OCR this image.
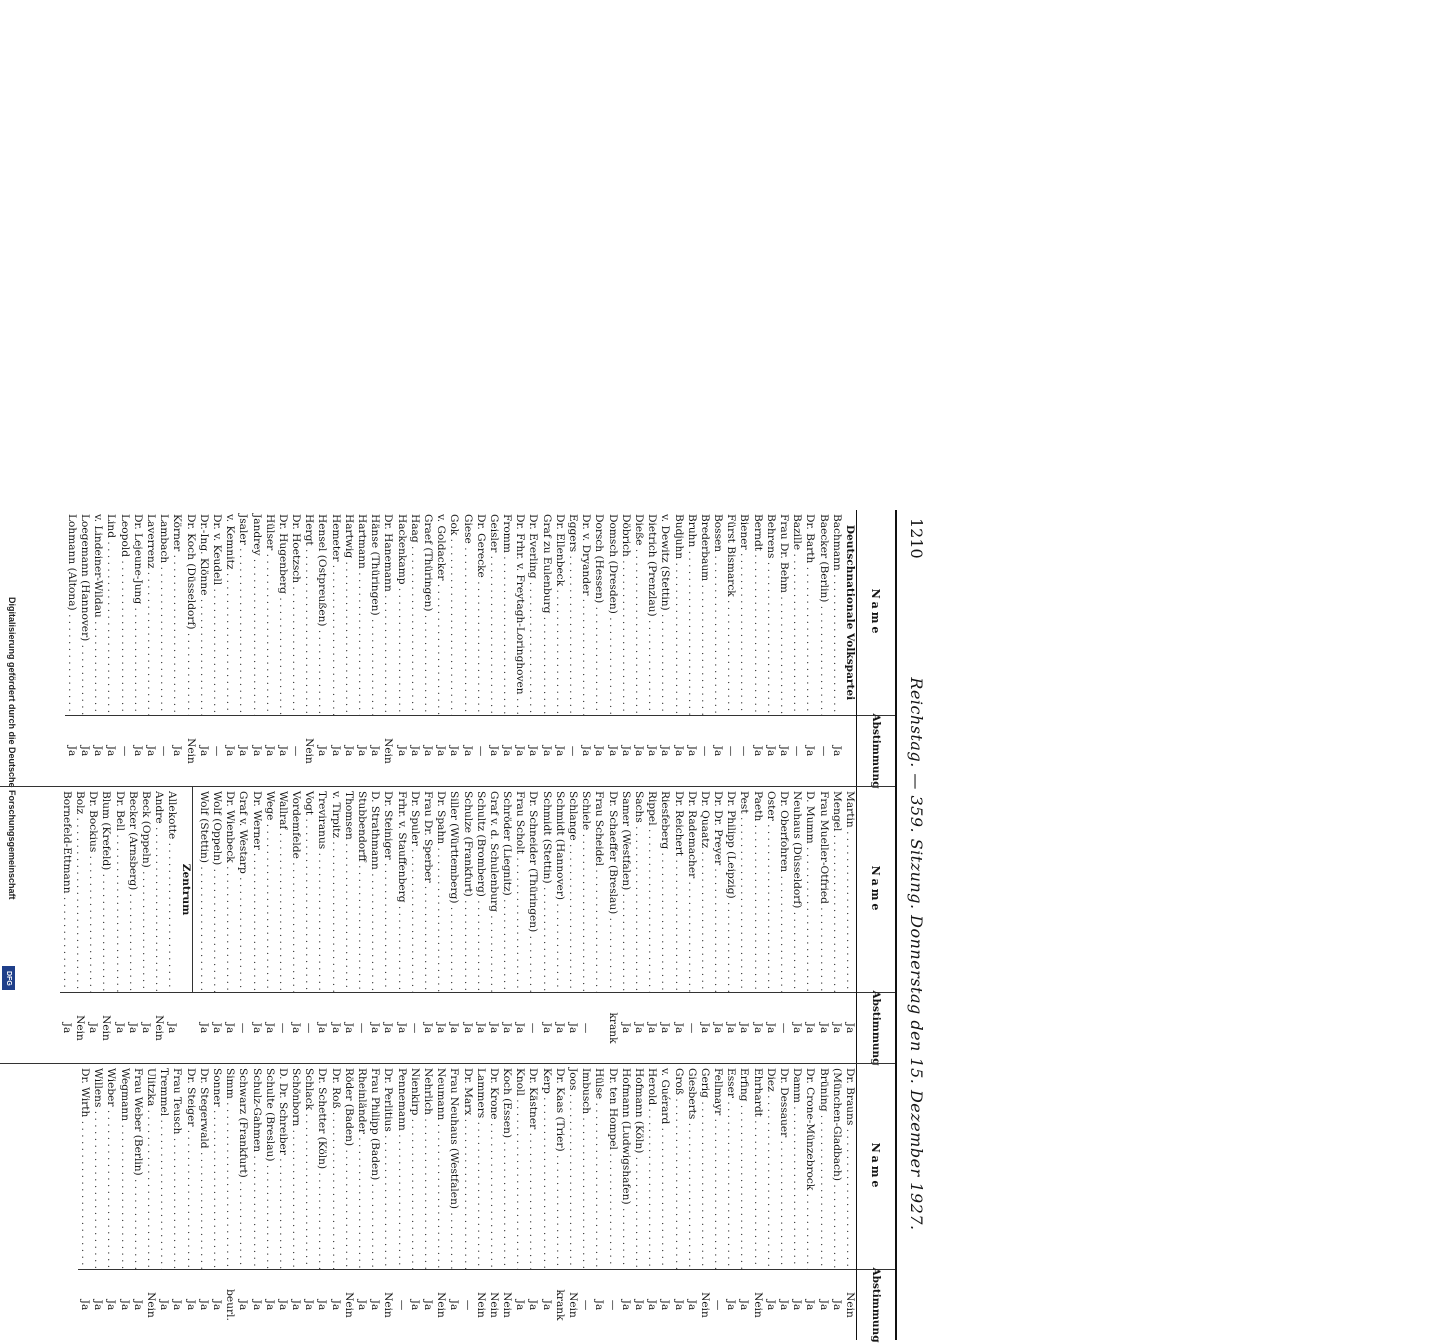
Digitalisierung gefördert durch die Deutsche Forschungsgemeinschaft
DFG
1210
Reichstag. — 359. Sitzung. Donnerstag den 15. Dezember 1927.
Name
Abstimmung
Deutschnationale Volkspartei
Bachmann . . .
Ja
Baecker (Berlin) . . .
—
Dr. Barth . . .
Ja
Bazille . . .
—
Frau Dr. Behm . . .
Ja
Behrens . . .
Ja
Berndt . . .
Ja
Biener . . .
—
Fürst Bismarck . . .
—
Bossen . . .
Ja
Brederbaum . . .
—
Bruhn . . .
Ja
Budjuhn . . .
Ja
v. Dewitz (Stettin) . . .
Ja
Dietrich (Prenzlau) . . .
Ja
Dieße . . .
Ja
Döbrich . . .
Ja
Domsch (Dresden) . . .
Ja
Dorsch (Hessen) . . .
Ja
Dr. v. Dryander . . .
Ja
Eggers . . .
—
Dr. Ellenbeck . . .
Ja
Graf zu Eulenburg . . .
Ja
Dr. Everling . . .
Ja
Dr. Frhr. v. Freytagh-Loringhoven . . .
Ja
Fromm . . .
Ja
Geisler . . .
Ja
Dr. Gerecke . . .
—
Giese . . .
Ja
Gok . . .
Ja
v. Goldacker . . .
Ja
Graef (Thüringen) . . .
Ja
Haag . . .
Ja
Hackenkamp . . .
Ja
Dr. Hanemann . . .
Nein
Hänse (Thüringen) . . .
Ja
Hartmann . . .
Ja
Hartwig . . .
Ja
Hemeter . . .
Ja
Hensel (Ostpreußen) . . .
Ja
Hergt . . .
Nein
Dr. Hoetzsch . . .
—
Dr. Hugenberg . . .
Ja
Hülser . . .
Ja
Jandrey . . .
Ja
Jsaler . . .
Ja
v. Kemnitz . . .
Ja
Dr. v. Keudell . . .
—
Dr.-Ing. Klönne . . .
Ja
Dr. Koch (Düsseldorf) . . .
Nein
Körner . . .
Ja
Lambach . . .
—
Laverrenz . . .
Ja
Dr. Lejeune-Jung . . .
Ja
Leopold . . .
—
Lind . . .
Ja
v. Lindeiner-Wildau . . .
Ja
Loegemann (Hannover) . . .
Ja
Lohmann (Altona) . . .
Ja
Name
Abstimmung
Martin . . .
Ja
Mengel . . .
Ja
Frau Mueller-Otfried . . .
Ja
D. Mumm . . .
Ja
Neuhaus (Düsseldorf) . . .
Ja
Dr. Oberfohren . . .
—
Oster . . .
Ja
Paeth . . .
Ja
Pest . . .
Ja
Dr. Philipp (Leipzig) . . .
Ja
Dr. Dr. Preyer . . .
Ja
Dr. Quaatz . . .
Ja
Dr. Rademacher . . .
—
Dr. Reichert . . .
Ja
Riesfeberg . . .
Ja
Rippel . . .
Ja
Sachs . . .
Ja
Samer (Westfalen) . . .
Ja
Dr. Schaeffer (Breslau) . . .
krank
Frau Scheidel . . .
Schiele . . .
—
Schlange . . .
Ja
Schmidt (Hannover) . . .
Ja
Schmidt (Stettin) . . .
Ja
Dr. Schneider (Thüringen) . . .
—
Frau Scholt . . .
Ja
Schröder (Liegnitz) . . .
Ja
Graf v. d. Schulenburg . . .
Ja
Schultz (Bromberg) . . .
Ja
Schulze (Frankfurt) . . .
Ja
Siller (Württemberg) . . .
Ja
Dr. Spahn . . .
Ja
Frau Dr. Sperber . . .
Ja
Dr. Spuler . . .
—
Frhr. v. Stauffenberg . . .
Ja
Dr. Steiniger . . .
Ja
D. Strathmann . . .
Ja
Stubbendorff . . .
—
Thomsen . . .
Ja
v. Tirpitz . . .
Ja
Treviranus . . .
Ja
Vogt . . .
—
Vordemfelde . . .
Ja
Wallraf . . .
—
Wege . . .
Ja
Dr. Werner . . .
Ja
Graf v. Westarp . . .
—
Dr. Wienbeck . . .
Ja
Wolf (Oppeln) . . .
Ja
Wolf (Stettin) . . .
Ja
. . .
Zentrum
Allekotte . . .
Ja
Andre . . .
Nein
Beck (Oppeln) . . .
Ja
Becker (Arnsberg) . . .
Ja
Dr. Bell . . .
Ja
Blum (Krefeld) . . .
Nein
Dr. Bockius . . .
Ja
Bolz . . .
Nein
Bornefeld-Ettmann . . .
Ja
Name
Abstimmung
Dr. Brauns . . .
Nein
(München-Gladbach) . . .
Ja
Brüning . . .
Ja
Dr. Crone-Münzebrock . . .
Ja
Damm . . .
Ja
Dr. Dessauer . . .
Ja
Diez . . .
Ja
Ehrhardt . . .
Nein
Erfing . . .
Ja
Esser . . .
Ja
Fellmayr . . .
—
Gerig . . .
Nein
Giesberts . . .
Ja
Groß . . .
Ja
v. Guérard . . .
Ja
Herold . . .
Ja
Hofmann (Köln) . . .
Ja
Hofmann (Ludwigshafen) . . .
Ja
Dr. ten Hompel . . .
—
Hülse . . .
Ja
Imbusch . . .
—
Joos . . .
Nein
Dr. Kaas (Trier) . . .
krank
Kerp . . .
Ja
Dr. Kästner . . .
Ja
Knoll . . .
Ja
Koch (Essen) . . .
Nein
Dr. Krone . . .
Nein
Lammers . . .
Nein
Dr. Marx . . .
—
Frau Neuhaus (Westfalen) . . .
Ja
Neumann . . .
Nein
Nehrlich . . .
Ja
Nienkirp . . .
Ja
Pennemann . . .
—
Dr. Perlitius . . .
Nein
Frau Philipp (Baden) . . .
Ja
Rheinländer . . .
Ja
Röder (Baden) . . .
Nein
Dr. Roß . . .
Ja
Dr. Schetter (Köln) . . .
Ja
Schlack . . .
Ja
Schönborn . . .
Ja
D. Dr. Schreiber . . .
Ja
Schulte (Breslau) . . .
Ja
Schulz-Gahmen . . .
Ja
Schwarz (Frankfurt) . . .
Ja
Simm . . .
beurl.
Sonner . . .
Ja
Dr. Stegerwald . . .
Ja
Dr. Steiger . . .
Ja
Frau Teusch . . .
Ja
Tremmel . . .
Ja
Ulitzka . . .
Nein
Frau Weber (Berlin) . . .
Ja
Wegmann . . .
Ja
Wieber . . .
Ja
Willens . . .
Ja
Dr. Wirth . . .
Ja
